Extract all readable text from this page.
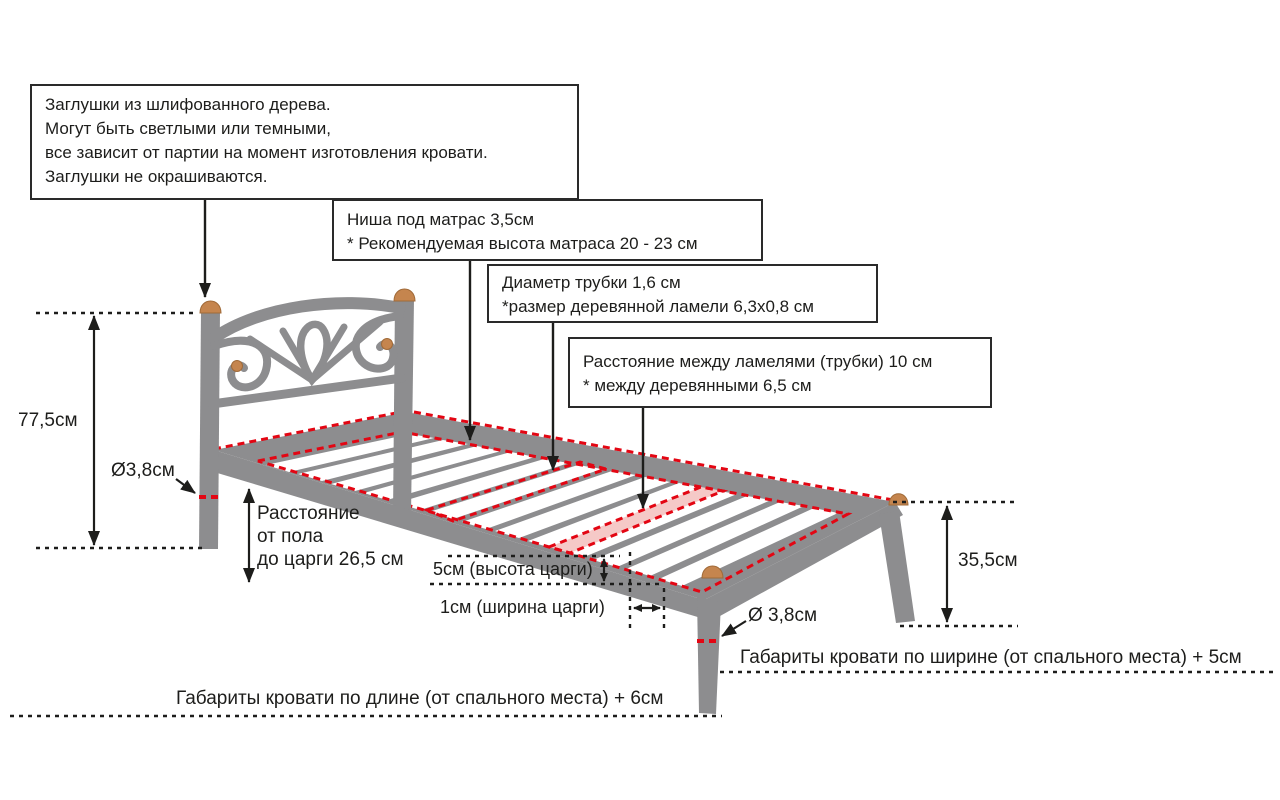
Заглушки из шлифованного дерева.
Могут быть светлыми или темными,
все зависит от партии на момент изготовления кровати.
Заглушки не окрашиваются.
Ниша под матрас 3,5см
* Рекомендуемая высота матраса 20 - 23 см
Диаметр трубки 1,6 см
*размер деревянной ламели 6,3х0,8 см
Расстояние между ламелями (трубки) 10 см
* между деревянными 6,5 см
77,5см
Ø3,8см
Расстояние
от пола
до царги 26,5 см 5см (высота царги)
1см (ширина царги)
35,5см
Ø 3,8см
Габариты кровати по ширине (от спального места) + 5см
Габариты кровати по длине (от спального места) + 6см
